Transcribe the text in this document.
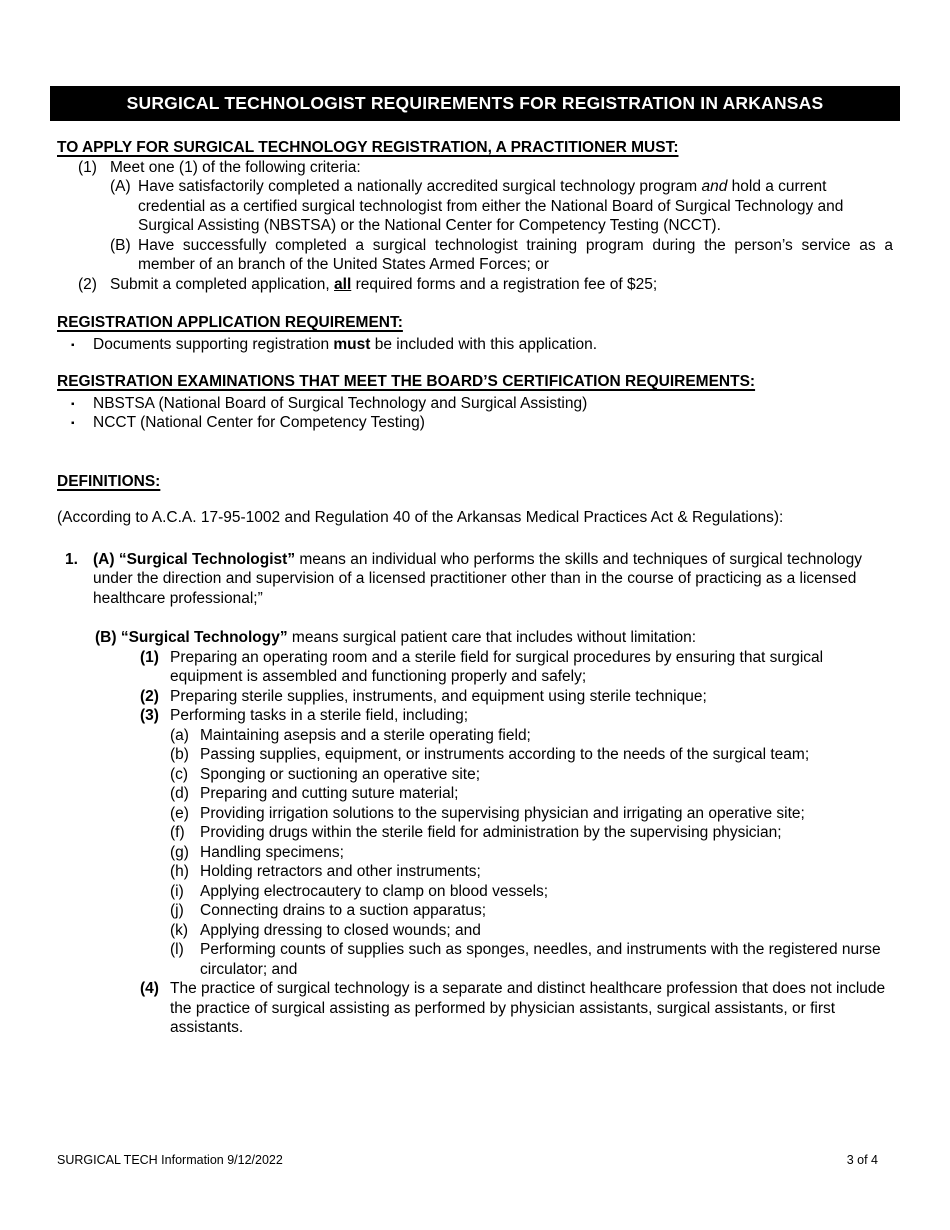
SURGICAL TECHNOLOGIST REQUIREMENTS FOR REGISTRATION IN ARKANSAS
TO APPLY FOR SURGICAL TECHNOLOGY REGISTRATION, A PRACTITIONER MUST:
(1) Meet one (1) of the following criteria:
(A) Have satisfactorily completed a nationally accredited surgical technology program and hold a current credential as a certified surgical technologist from either the National Board of Surgical Technology and Surgical Assisting (NBSTSA) or the National Center for Competency Testing (NCCT).
(B) Have successfully completed a surgical technologist training program during the person’s service as a member of an branch of the United States Armed Forces; or
(2) Submit a completed application, all required forms and a registration fee of $25;
REGISTRATION APPLICATION REQUIREMENT:
▪ Documents supporting registration must be included with this application.
REGISTRATION EXAMINATIONS THAT MEET THE BOARD’S CERTIFICATION REQUIREMENTS:
▪ NBSTSA (National Board of Surgical Technology and Surgical Assisting)
▪ NCCT (National Center for Competency Testing)
DEFINITIONS:
(According to A.C.A. 17-95-1002 and Regulation 40 of the Arkansas Medical Practices Act & Regulations):
1. (A) “Surgical Technologist” means an individual who performs the skills and techniques of surgical technology under the direction and supervision of a licensed practitioner other than in the course of practicing as a licensed healthcare professional;”
(B) “Surgical Technology” means surgical patient care that includes without limitation:
(1) Preparing an operating room and a sterile field for surgical procedures by ensuring that surgical equipment is assembled and functioning properly and safely;
(2) Preparing sterile supplies, instruments, and equipment using sterile technique;
(3) Performing tasks in a sterile field, including;
(a) Maintaining asepsis and a sterile operating field;
(b) Passing supplies, equipment, or instruments according to the needs of the surgical team;
(c) Sponging or suctioning an operative site;
(d) Preparing and cutting suture material;
(e) Providing irrigation solutions to the supervising physician and irrigating an operative site;
(f) Providing drugs within the sterile field for administration by the supervising physician;
(g) Handling specimens;
(h) Holding retractors and other instruments;
(i) Applying electrocautery to clamp on blood vessels;
(j) Connecting drains to a suction apparatus;
(k) Applying dressing to closed wounds; and
(l) Performing counts of supplies such as sponges, needles, and instruments with the registered nurse circulator; and
(4) The practice of surgical technology is a separate and distinct healthcare profession that does not include the practice of surgical assisting as performed by physician assistants, surgical assistants, or first assistants.
SURGICAL TECH Information 9/12/2022	3 of 4
